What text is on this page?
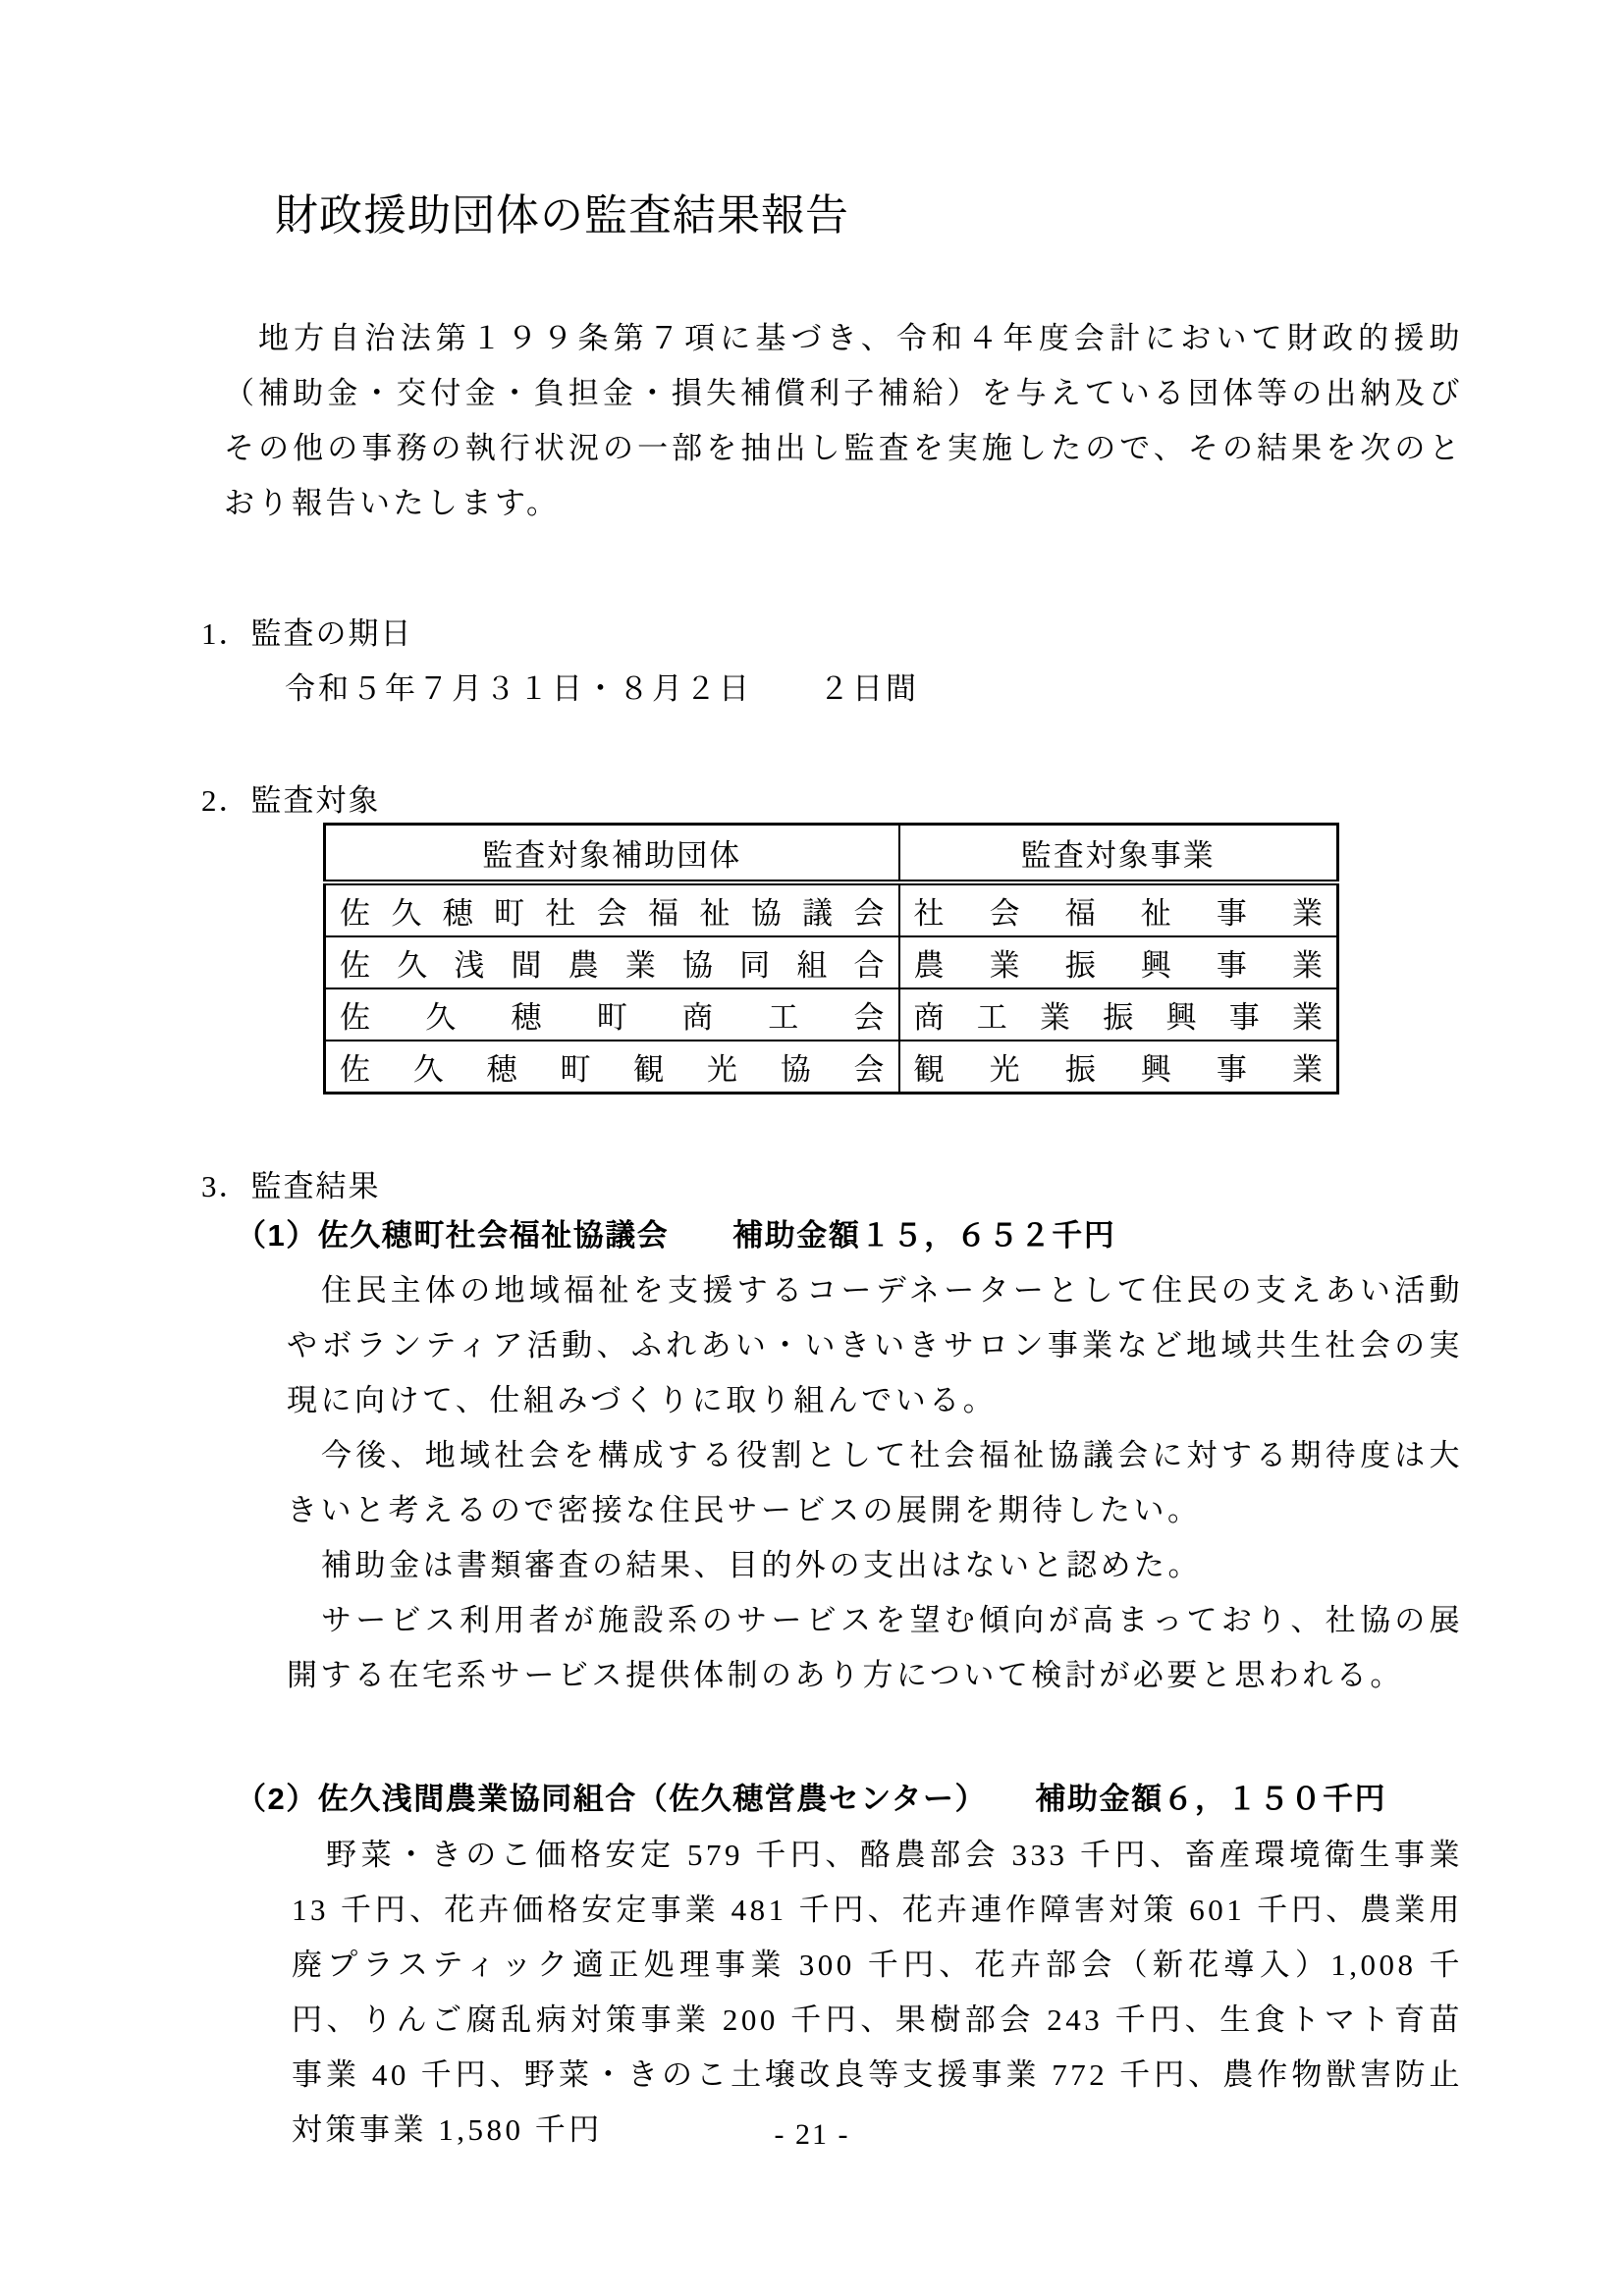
財政援助団体の監査結果報告

地方自治法第１９９条第７項に基づき、令和４年度会計において財政的援助（補助金・交付金・負担金・損失補償利子補給）を与えている団体等の出納及びその他の事務の執行状況の一部を抽出し監査を実施したので、その結果を次のとおり報告いたします。

1．監査の期日
令和５年７月３１日・８月２日　　２日間
2．監査対象
監査対象補助団体	監査対象事業

佐久穂町社会福祉協議会	社会福祉事業

佐久浅間農業協同組合	農業振興事業

佐久穂町商工会	商工業振興事業

佐久穂町観光協会	観光振興事業
3．監査結果
（1）佐久穂町社会福祉協議会　　補助金額１５，６５２千円

住民主体の地域福祉を支援するコーデネーターとして住民の支えあい活動やボランティア活動、ふれあい・いきいきサロン事業など地域共生社会の実現に向けて、仕組みづくりに取り組んでいる。

今後、地域社会を構成する役割として社会福祉協議会に対する期待度は大きいと考えるので密接な住民サービスの展開を期待したい。

補助金は書類審査の結果、目的外の支出はないと認めた。

サービス利用者が施設系のサービスを望む傾向が高まっており、社協の展開する在宅系サービス提供体制のあり方について検討が必要と思われる。

（2）佐久浅間農業協同組合（佐久穂営農センター）　　補助金額６，１５０千円

野菜・きのこ価格安定 579 千円、酪農部会 333 千円、畜産環境衛生事業 13 千円、花卉価格安定事業 481 千円、花卉連作障害対策 601 千円、農業用廃プラスティック適正処理事業 300 千円、花卉部会（新花導入）1,008 千円、りんご腐乱病対策事業 200 千円、果樹部会 243 千円、生食トマト育苗事業 40 千円、野菜・きのこ土壌改良等支援事業 772 千円、農作物獣害防止対策事業 1,580 千円	- 21 -
